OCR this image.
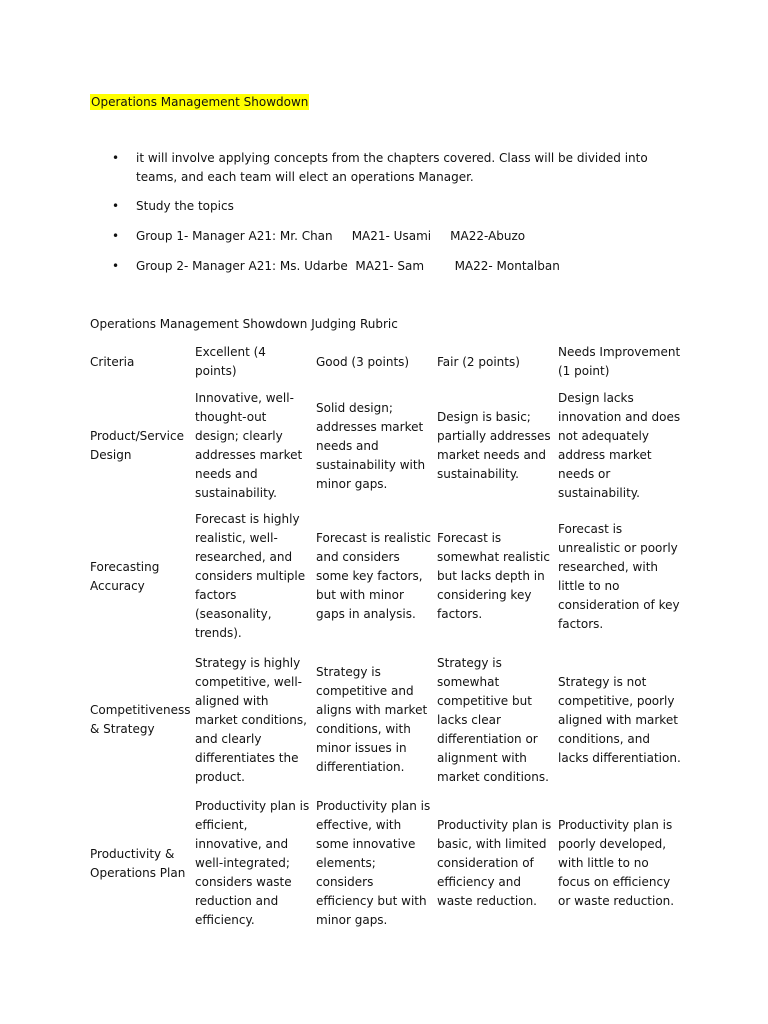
Operations Management Showdown
•	it will involve applying concepts from the chapters covered. Class will be divided into teams, and each team will elect an operations Manager.
•	Study the topics
•	Group 1- Manager A21: Mr. Chan     MA21- Usami     MA22-Abuzo
•	Group 2- Manager A21: Ms. Udarbe  MA21- Sam        MA22- Montalban
Operations Management Showdown Judging Rubric
Criteria	Excellent (4 points)	Good (3 points)	Fair (2 points)	Needs Improvement (1 point)
Product/Service Design	Innovative, well-thought-out design; clearly addresses market needs and sustainability.	Solid design; addresses market needs and sustainability with minor gaps.	Design is basic; partially addresses market needs and sustainability.	Design lacks innovation and does not adequately address market needs or sustainability.
Forecasting Accuracy	Forecast is highly realistic, well-researched, and considers multiple factors (seasonality, trends).	Forecast is realistic and considers some key factors, but with minor gaps in analysis.	Forecast is somewhat realistic but lacks depth in considering key factors.	Forecast is unrealistic or poorly researched, with little to no consideration of key factors.
Competitiveness & Strategy	Strategy is highly competitive, well-aligned with market conditions, and clearly differentiates the product.	Strategy is competitive and aligns with market conditions, with minor issues in differentiation.	Strategy is somewhat competitive but lacks clear differentiation or alignment with market conditions.	Strategy is not competitive, poorly aligned with market conditions, and lacks differentiation.
Productivity & Operations Plan	Productivity plan is efficient, innovative, and well-integrated; considers waste reduction and efficiency.	Productivity plan is effective, with some innovative elements; considers efficiency but with minor gaps.	Productivity plan is basic, with limited consideration of efficiency and waste reduction.	Productivity plan is poorly developed, with little to no focus on efficiency or waste reduction.
